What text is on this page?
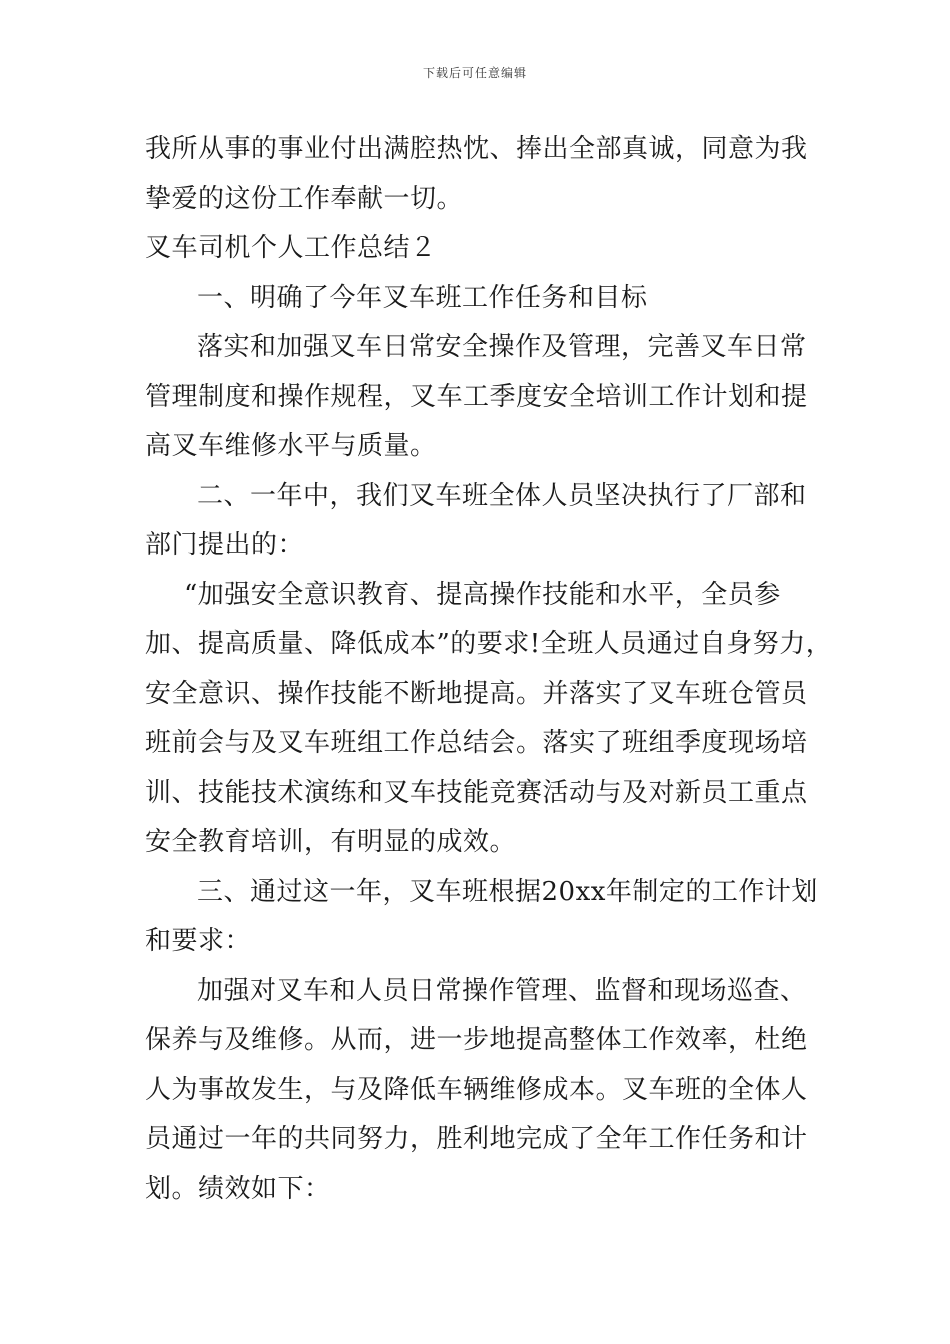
下载后可任意编辑
我所从事的事业付出满腔热忱、捧出全部真诚，同意为我
挚爱的这份工作奉献一切。
叉车司机个人工作总结２
一、明确了今年叉车班工作任务和目标
落实和加强叉车日常安全操作及管理，完善叉车日常
管理制度和操作规程，叉车工季度安全培训工作计划和提
高叉车维修水平与质量。
二、一年中，我们叉车班全体人员坚决执行了厂部和
部门提出的：
“加强安全意识教育、提高操作技能和水平，全员参
加、提高质量、降低成本”的要求!全班人员通过自身努力，
安全意识、操作技能不断地提高。并落实了叉车班仓管员
班前会与及叉车班组工作总结会。落实了班组季度现场培
训、技能技术演练和叉车技能竞赛活动与及对新员工重点
安全教育培训，有明显的成效。
三、通过这一年，叉车班根据20xx年制定的工作计划
和要求：
加强对叉车和人员日常操作管理、监督和现场巡查、
保养与及维修。从而，进一步地提高整体工作效率，杜绝
人为事故发生，与及降低车辆维修成本。叉车班的全体人
员通过一年的共同努力，胜利地完成了全年工作任务和计
划。绩效如下：
